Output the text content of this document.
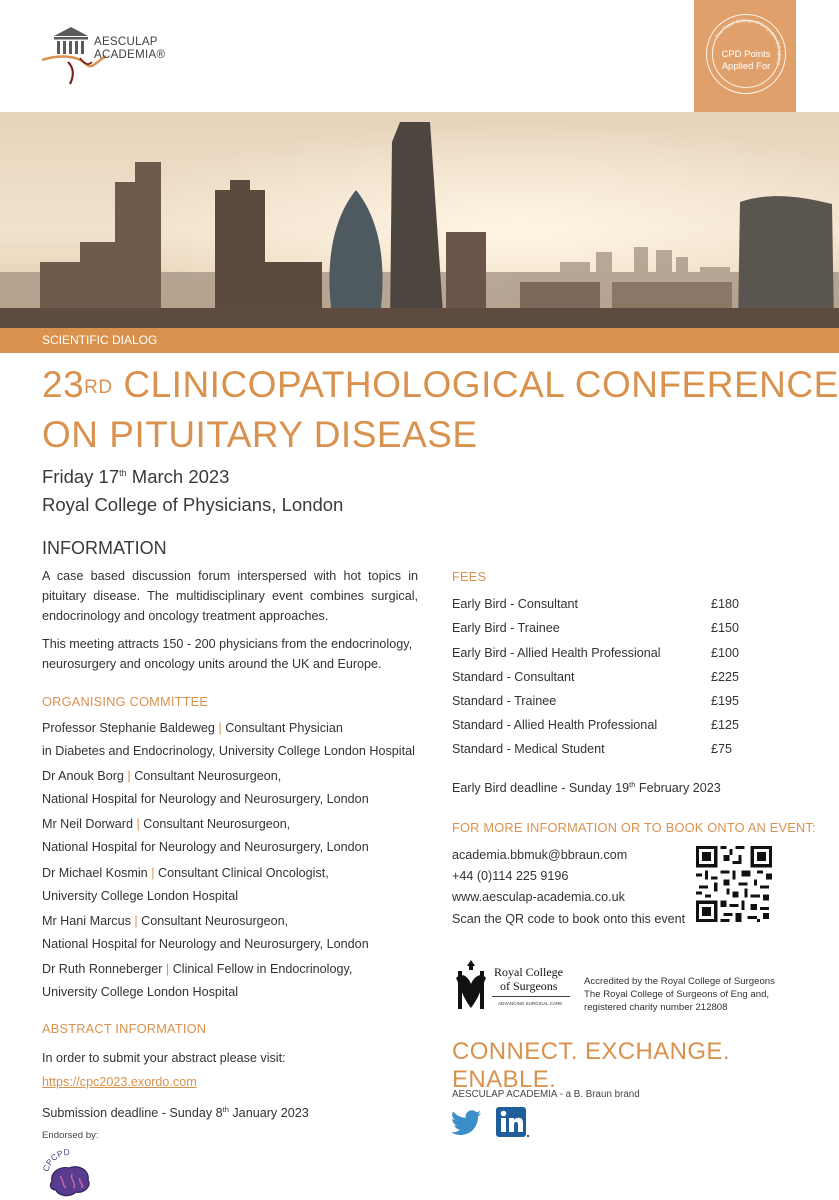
AESCULAP
ACADEMIA®
The Royal College of Surgeons of England
CPD Points
Applied For
SCIENTIFIC DIALOG
23RD CLINICOPATHOLOGICAL CONFERENCE
ON PITUITARY DISEASE
Friday 17th March 2023
Royal College of Physicians, London
INFORMATION
A case based discussion forum interspersed with hot topics in pituitary disease. The multidisciplinary event combines surgical, endocrinology and oncology treatment approaches.
This meeting attracts 150 - 200 physicians from the endocrinology, neurosurgery and oncology units around the UK and Europe.
ORGANISING COMMITTEE
Professor Stephanie Baldeweg | Consultant Physician
in Diabetes and Endocrinology, University College London Hospital
Dr Anouk Borg | Consultant Neurosurgeon,
National Hospital for Neurology and Neurosurgery, London
Mr Neil Dorward | Consultant Neurosurgeon,
National Hospital for Neurology and Neurosurgery, London
Dr Michael Kosmin | Consultant Clinical Oncologist,
University College London Hospital
Mr Hani Marcus | Consultant Neurosurgeon,
National Hospital for Neurology and Neurosurgery, London
Dr Ruth Ronneberger | Clinical Fellow in Endocrinology,
University College London Hospital
ABSTRACT INFORMATION
In order to submit your abstract please visit:
https://cpc2023.exordo.com
Submission deadline - Sunday 8th January 2023
Endorsed by:
CPCPD
FEES
Early Bird - Consultant	£180
Early Bird - Trainee	£150
Early Bird - Allied Health Professional	£100
Standard - Consultant	£225
Standard - Trainee	£195
Standard - Allied Health Professional	£125
Standard - Medical Student	£75
Early Bird deadline - Sunday 19th February 2023
FOR MORE INFORMATION OR TO BOOK ONTO AN EVENT:
academia.bbmuk@bbraun.com
+44 (0)114 225 9196
www.aesculap-academia.co.uk
Scan the QR code to book onto this event
Royal College
of Surgeons
ADVANCING SURGICAL CARE
Accredited by the Royal College of Surgeons
The Royal College of Surgeons of Eng and,
registered charity number 212808
CONNECT. EXCHANGE. ENABLE.
AESCULAP ACADEMIA - a B. Braun brand
